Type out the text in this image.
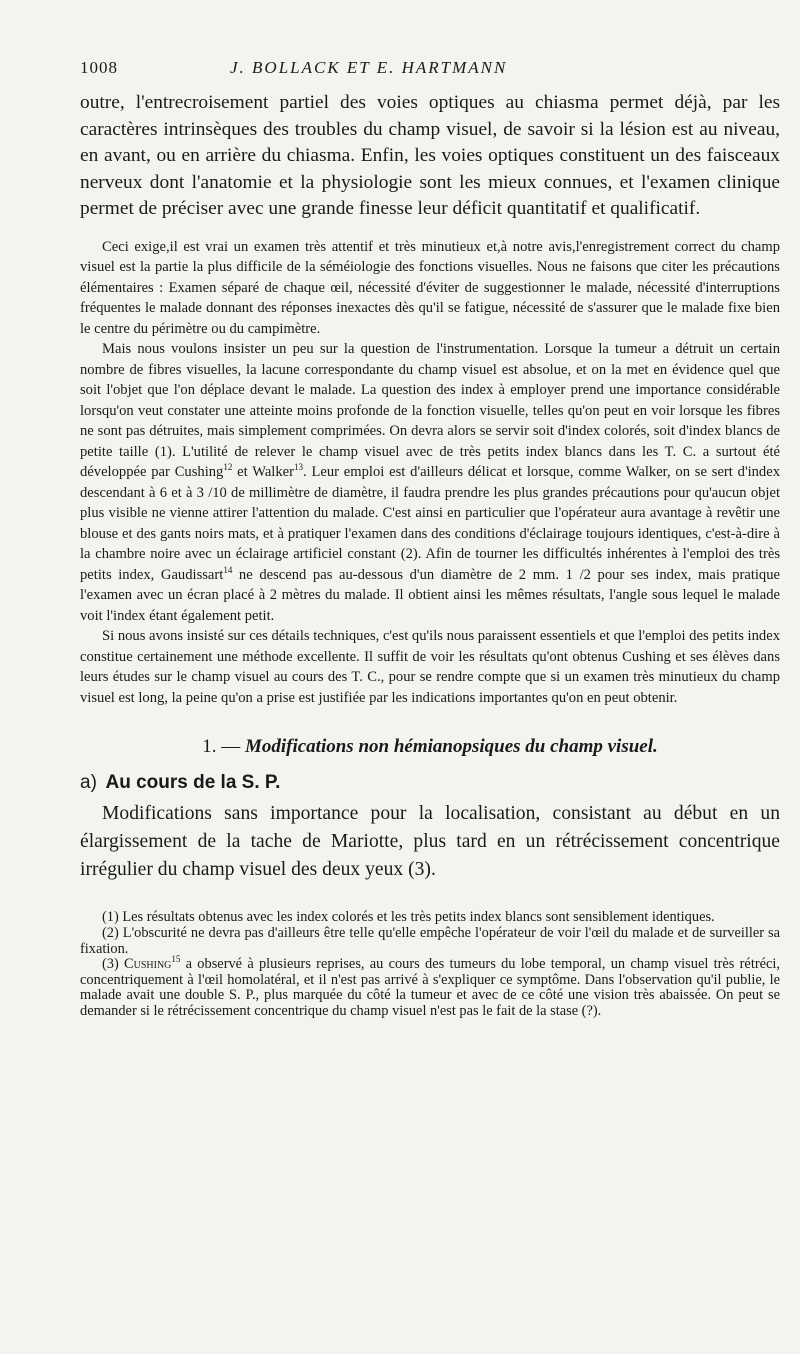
1008	J. BOLLACK ET E. HARTMANN

outre, l'entrecroisement partiel des voies optiques au chiasma permet déjà, par les caractères intrinsèques des troubles du champ visuel, de savoir si la lésion est au niveau, en avant, ou en arrière du chiasma. Enfin, les voies optiques constituent un des faisceaux nerveux dont l'anatomie et la physiologie sont les mieux connues, et l'examen clinique permet de préciser avec une grande finesse leur déficit quantitatif et qualificatif.

Ceci exige,il est vrai un examen très attentif et très minutieux et,à notre avis,l'enregistrement correct du champ visuel est la partie la plus difficile de la séméiologie des fonctions visuelles. Nous ne faisons que citer les précautions élémentaires : Examen séparé de chaque œil, nécessité d'éviter de suggestionner le malade, nécessité d'interruptions fréquentes le malade donnant des réponses inexactes dès qu'il se fatigue, nécessité de s'assurer que le malade fixe bien le centre du périmètre ou du campimètre.

Mais nous voulons insister un peu sur la question de l'instrumentation. Lorsque la tumeur a détruit un certain nombre de fibres visuelles, la lacune correspondante du champ visuel est absolue, et on la met en évidence quel que soit l'objet que l'on déplace devant le malade. La question des index à employer prend une importance considérable lorsqu'on veut constater une atteinte moins profonde de la fonction visuelle, telles qu'on peut en voir lorsque les fibres ne sont pas détruites, mais simplement comprimées. On devra alors se servir soit d'index colorés, soit d'index blancs de petite taille (1). L'utilité de relever le champ visuel avec de très petits index blancs dans les T. C. a surtout été développée par Cushing$^{12}$ et Walker$^{13}$. Leur emploi est d'ailleurs délicat et lorsque, comme Walker, on se sert d'index descendant à 6 et à 3 /10 de millimètre de diamètre, il faudra prendre les plus grandes précautions pour qu'aucun objet plus visible ne vienne attirer l'attention du malade. C'est ainsi en particulier que l'opérateur aura avantage à revêtir une blouse et des gants noirs mats, et à pratiquer l'examen dans des conditions d'éclairage toujours identiques, c'est-à-dire à la chambre noire avec un éclairage artificiel constant (2). Afin de tourner les difficultés inhérentes à l'emploi des très petits index, Gaudissart$^{14}$ ne descend pas au-dessous d'un diamètre de 2 mm. 1 /2 pour ses index, mais pratique l'examen avec un écran placé à 2 mètres du malade. Il obtient ainsi les mêmes résultats, l'angle sous lequel le malade voit l'index étant également petit.

Si nous avons insisté sur ces détails techniques, c'est qu'ils nous paraissent essentiels et que l'emploi des petits index constitue certainement une méthode excellente. Il suffit de voir les résultats qu'ont obtenus Cushing et ses élèves dans leurs études sur le champ visuel au cours des T. C., pour se rendre compte que si un examen très minutieux du champ visuel est long, la peine qu'on a prise est justifiée par les indications importantes qu'on en peut obtenir.

1. — Modifications non hémianopsiques du champ visuel.
a) Au cours de la S. P.

Modifications sans importance pour la localisation, consistant au début en un élargissement de la tache de Mariotte, plus tard en un rétrécissement concentrique irrégulier du champ visuel des deux yeux (3).

(1) Les résultats obtenus avec les index colorés et les très petits index blancs sont sensiblement identiques.

(2) L'obscurité ne devra pas d'ailleurs être telle qu'elle empêche l'opérateur de voir l'œil du malade et de surveiller sa fixation.

(3) Cushing$^{15}$ a observé à plusieurs reprises, au cours des tumeurs du lobe temporal, un champ visuel très rétréci, concentriquement à l'œil homolatéral, et il n'est pas arrivé à s'expliquer ce symptôme. Dans l'observation qu'il publie, le malade avait une double S. P., plus marquée du côté la tumeur et avec de ce côté une vision très abaissée. On peut se demander si le rétrécissement concentrique du champ visuel n'est pas le fait de la stase (?).
